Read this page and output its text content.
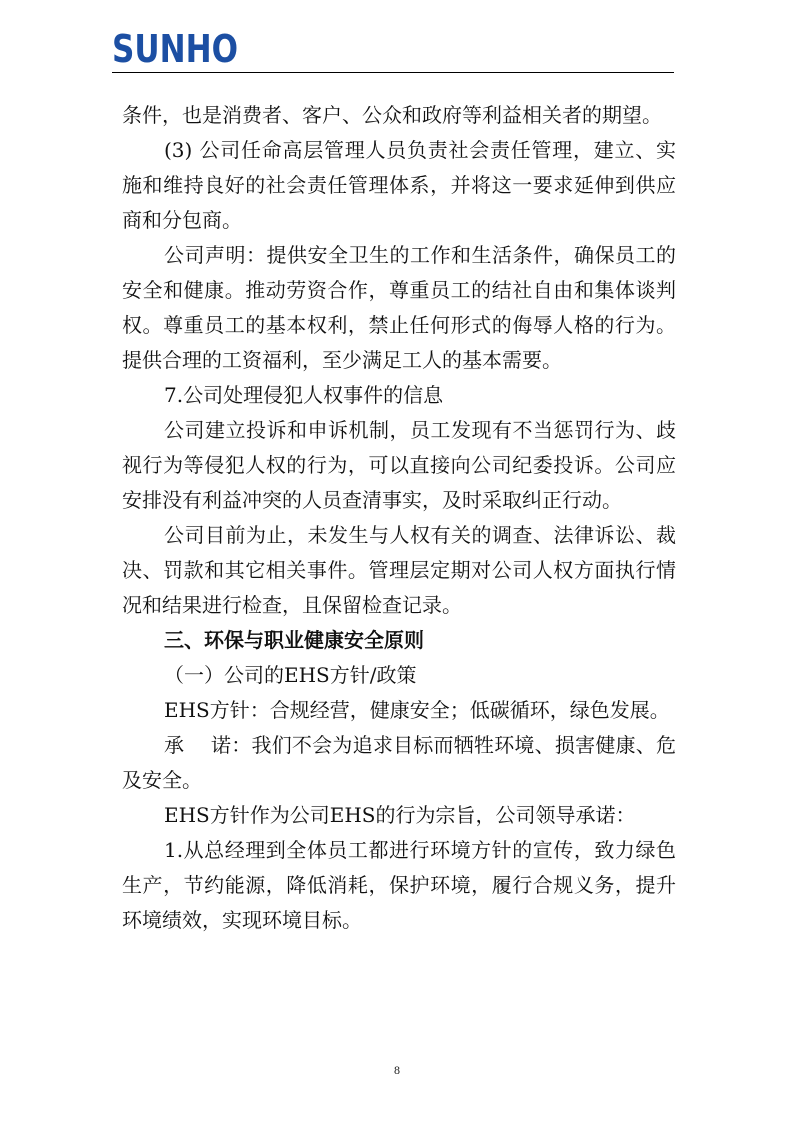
SUNHO

条件，也是消费者、客户、公众和政府等利益相关者的期望。

(3) 公司任命高层管理人员负责社会责任管理，建立、实施和维持良好的社会责任管理体系，并将这一要求延伸到供应商和分包商。

公司声明：提供安全卫生的工作和生活条件，确保员工的安全和健康。推动劳资合作，尊重员工的结社自由和集体谈判权。尊重员工的基本权利，禁止任何形式的侮辱人格的行为。提供合理的工资福利，至少满足工人的基本需要。

7.公司处理侵犯人权事件的信息

公司建立投诉和申诉机制，员工发现有不当惩罚行为、歧视行为等侵犯人权的行为，可以直接向公司纪委投诉。公司应安排没有利益冲突的人员查清事实，及时采取纠正行动。

公司目前为止，未发生与人权有关的调查、法律诉讼、裁决、罚款和其它相关事件。管理层定期对公司人权方面执行情况和结果进行检查，且保留检查记录。

三、环保与职业健康安全原则

（一）公司的EHS方针/政策

EHS方针：合规经营，健康安全；低碳循环，绿色发展。

承　 诺：我们不会为追求目标而牺牲环境、损害健康、危及安全。

EHS方针作为公司EHS的行为宗旨，公司领导承诺：

1.从总经理到全体员工都进行环境方针的宣传，致力绿色生产，节约能源，降低消耗，保护环境，履行合规义务，提升环境绩效，实现环境目标。

8
